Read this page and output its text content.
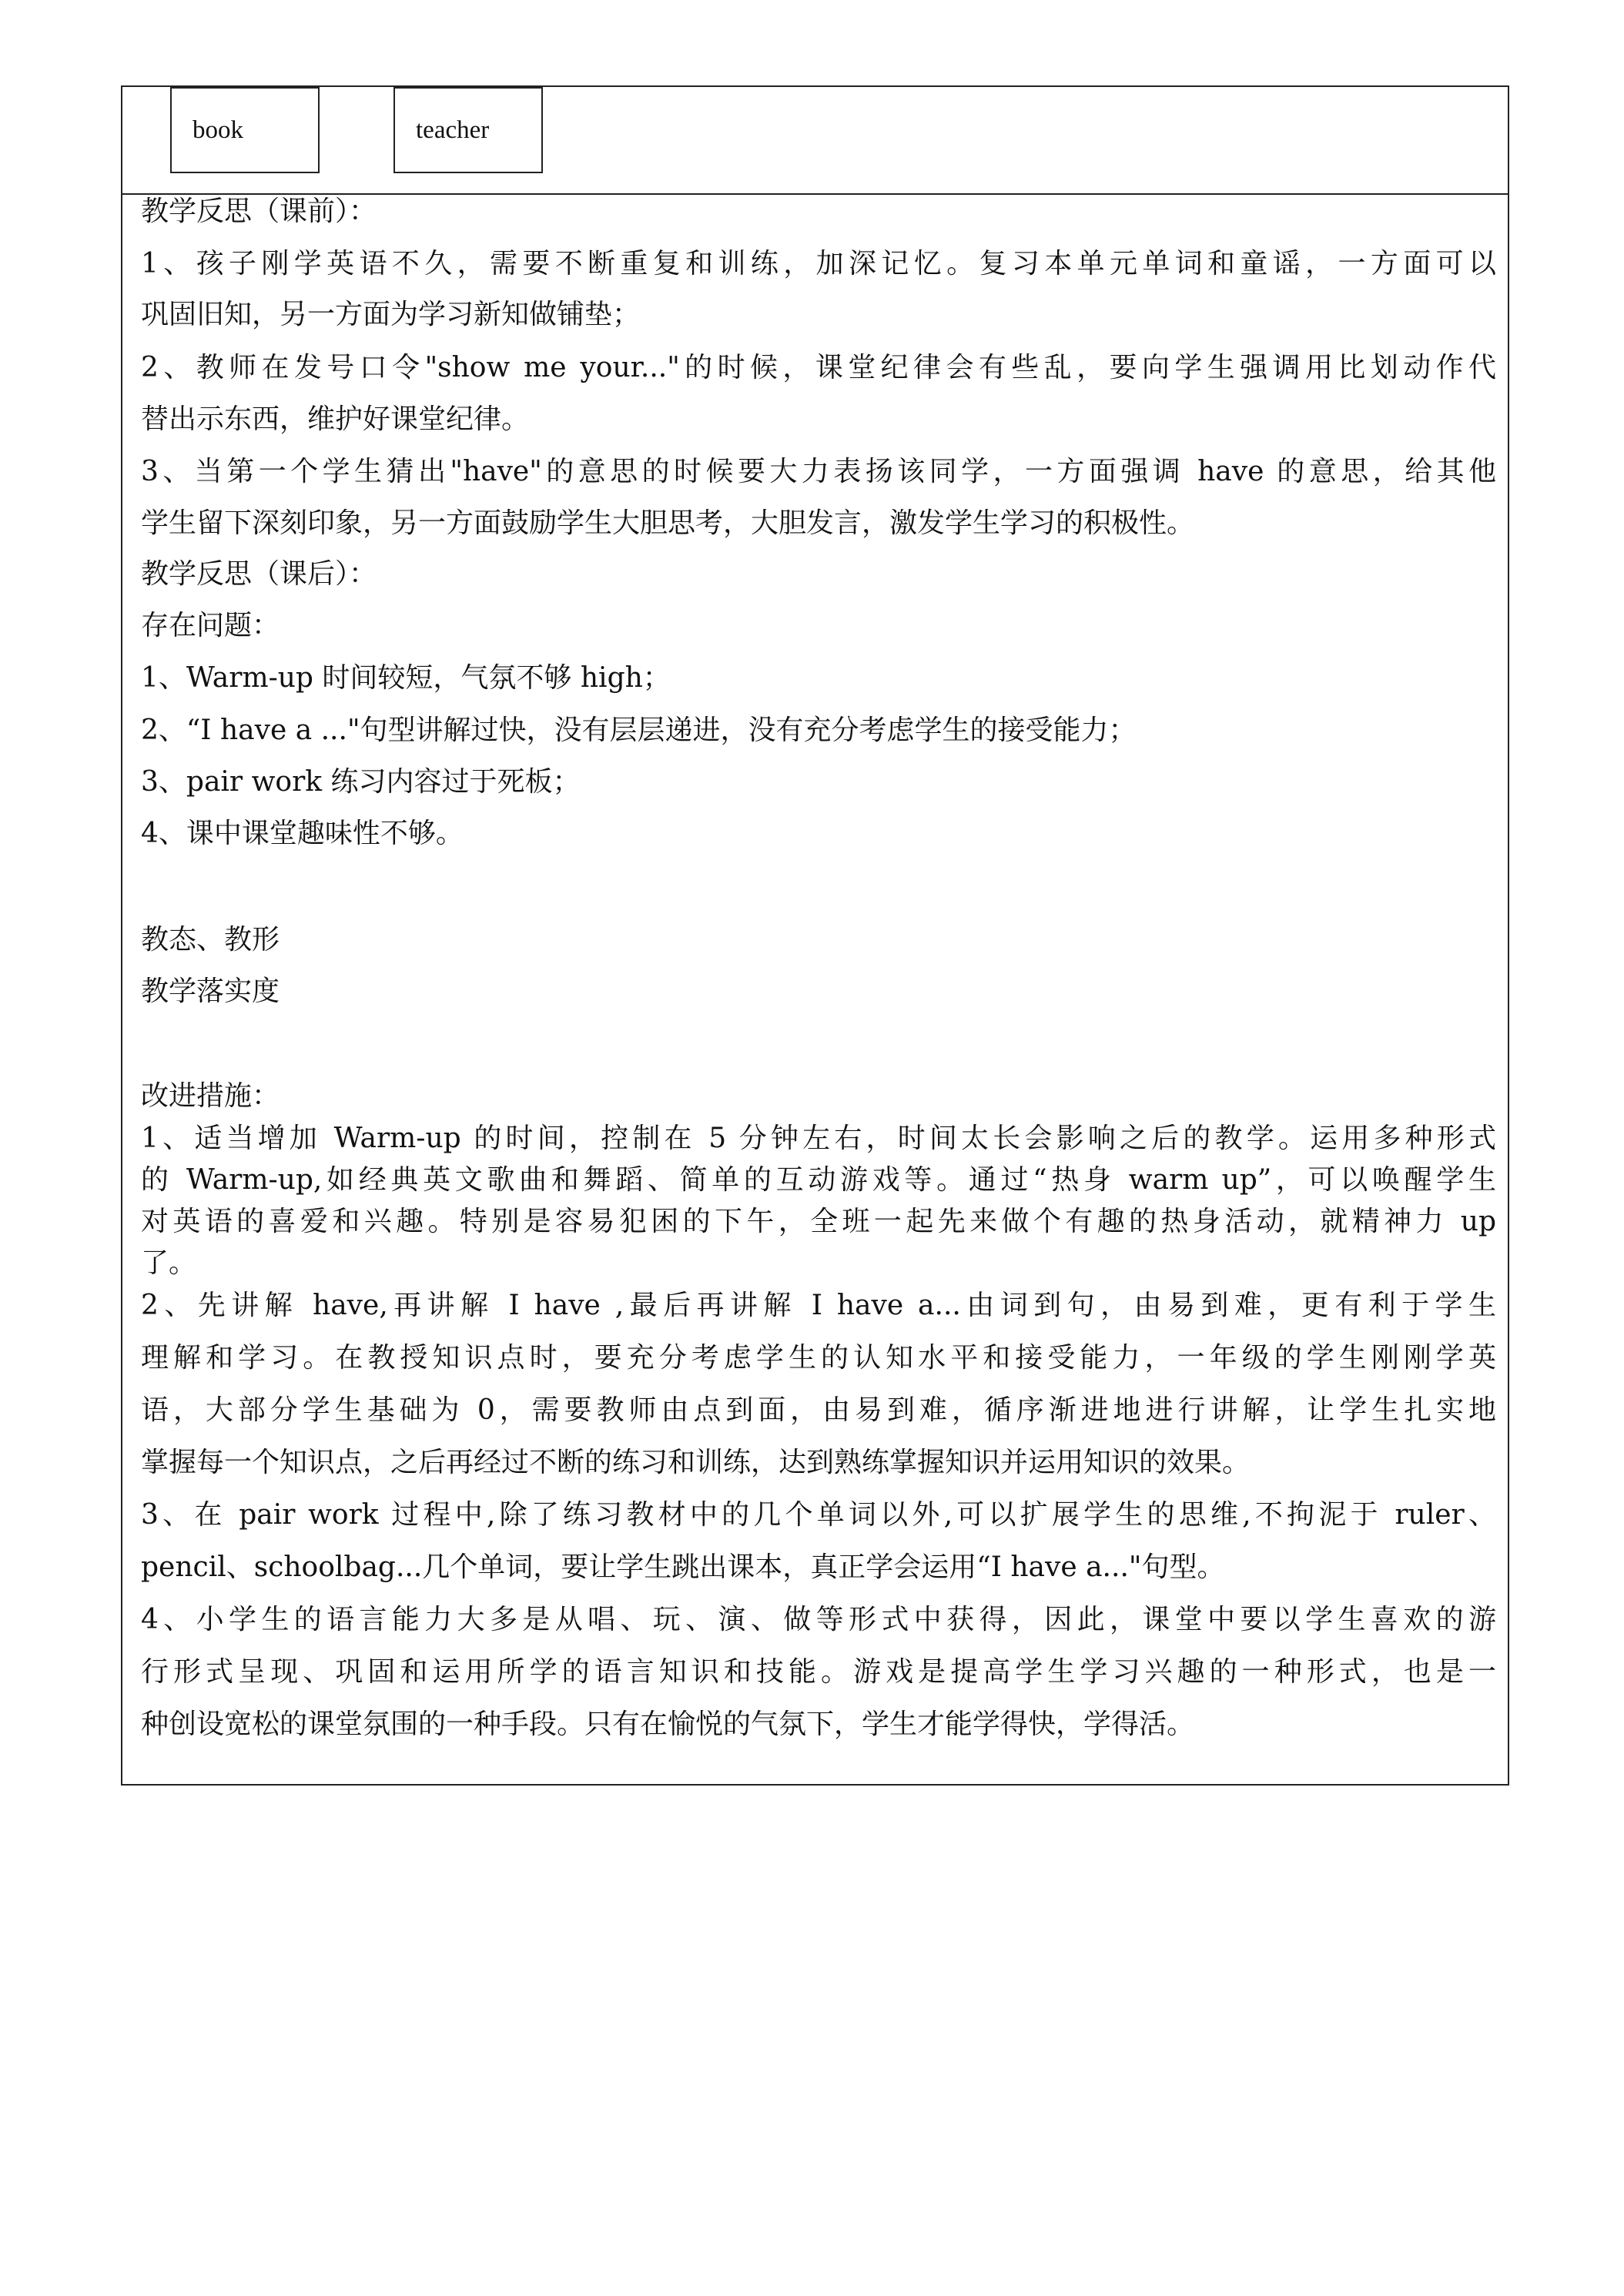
book	teacher
教学反思（课前）：
1、孩子刚学英语不久，需要不断重复和训练，加深记忆。复习本单元单词和童谣，一方面可以
巩固旧知，另一方面为学习新知做铺垫；
2、教师在发号口令"show me your..."的时候，课堂纪律会有些乱，要向学生强调用比划动作代
替出示东西，维护好课堂纪律。
3、当第一个学生猜出"have"的意思的时候要大力表扬该同学，一方面强调 have 的意思，给其他
学生留下深刻印象，另一方面鼓励学生大胆思考，大胆发言，激发学生学习的积极性。
教学反思（课后）：
存在问题：
1、Warm-up 时间较短，气氛不够 high；
2、“I have a ..."句型讲解过快，没有层层递进，没有充分考虑学生的接受能力；
3、pair work 练习内容过于死板；
4、课中课堂趣味性不够。
教态、教形
教学落实度
改进措施：
1、适当增加 Warm-up 的时间，控制在 5 分钟左右，时间太长会影响之后的教学。运用多种形式
的 Warm-up,如经典英文歌曲和舞蹈、简单的互动游戏等。通过“热身 warm up”，可以唤醒学生
对英语的喜爱和兴趣。特别是容易犯困的下午，全班一起先来做个有趣的热身活动，就精神力 up
了。
2、先讲解 have,再讲解 I have ,最后再讲解 I have a...由词到句，由易到难，更有利于学生
理解和学习。在教授知识点时，要充分考虑学生的认知水平和接受能力，一年级的学生刚刚学英
语，大部分学生基础为 0，需要教师由点到面，由易到难，循序渐进地进行讲解，让学生扎实地
掌握每一个知识点，之后再经过不断的练习和训练，达到熟练掌握知识并运用知识的效果。
3、在 pair work 过程中,除了练习教材中的几个单词以外,可以扩展学生的思维,不拘泥于 ruler、
pencil、schoolbag...几个单词，要让学生跳出课本，真正学会运用“I have a..."句型。
4、小学生的语言能力大多是从唱、玩、演、做等形式中获得，因此，课堂中要以学生喜欢的游
行形式呈现、巩固和运用所学的语言知识和技能。游戏是提高学生学习兴趣的一种形式，也是一
种创设宽松的课堂氛围的一种手段。只有在愉悦的气氛下，学生才能学得快，学得活。
